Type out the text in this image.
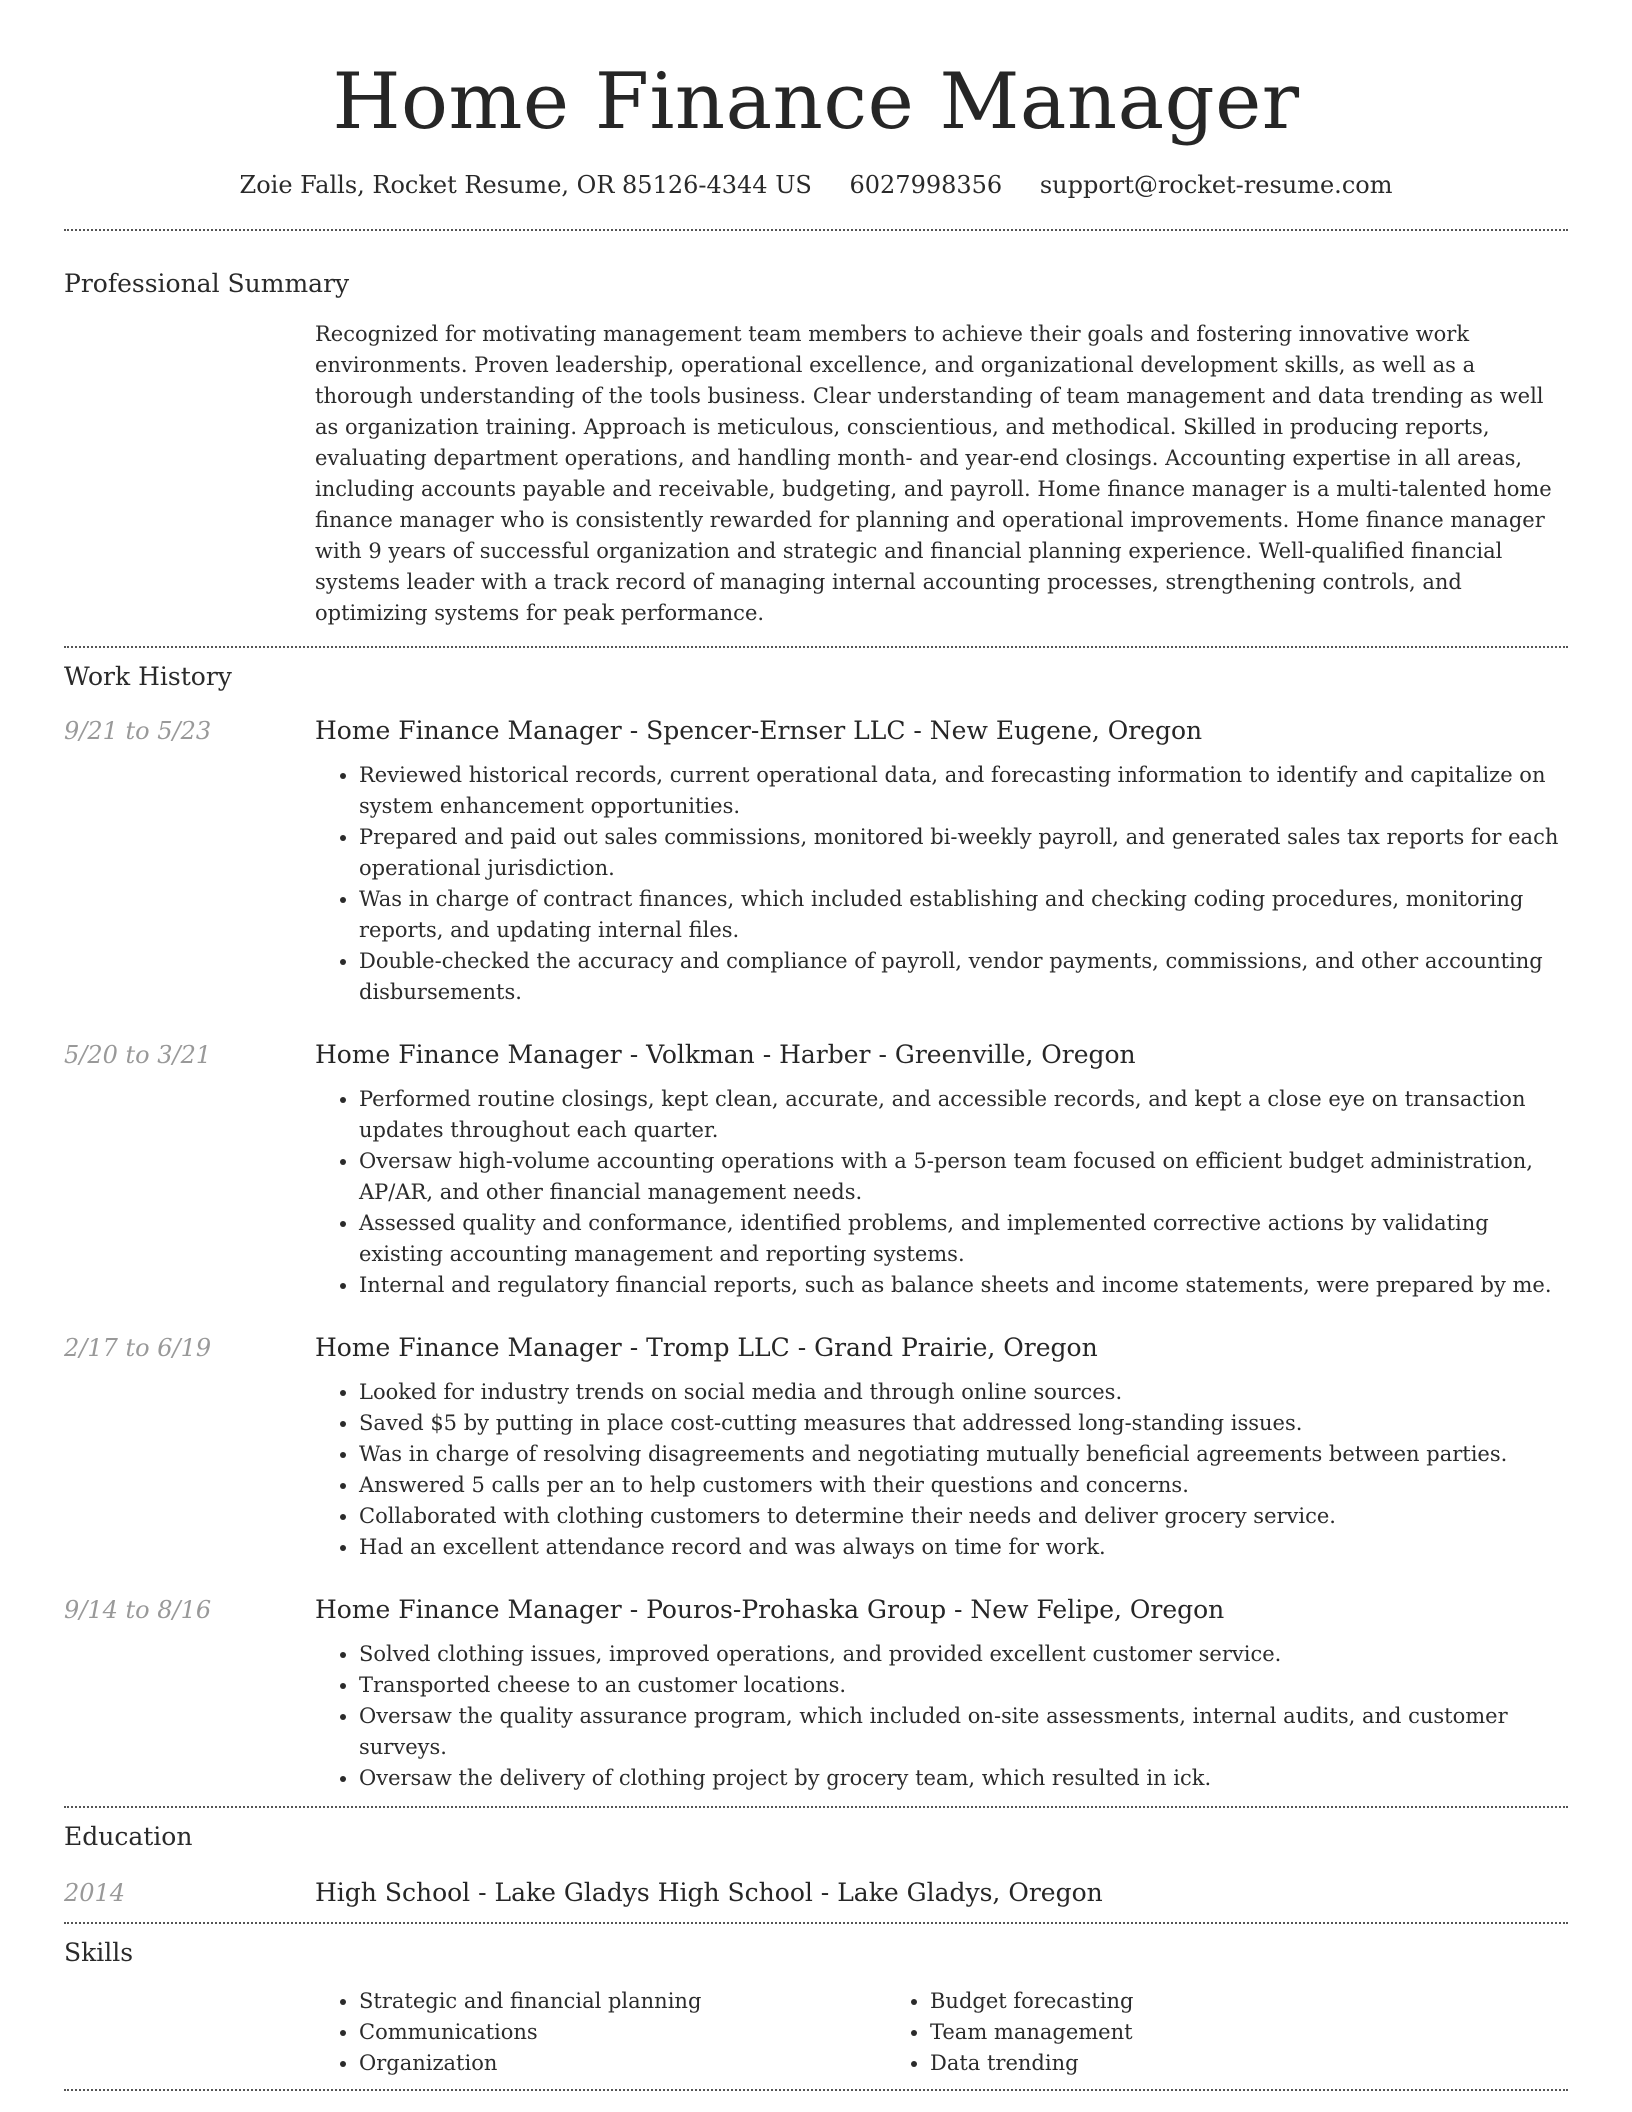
Home Finance Manager
Zoie Falls, Rocket Resume, OR 85126-4344 US 6027998356 support@rocket-resume.com
Professional Summary

Recognized for motivating management team members to achieve their goals and fostering innovative work environments. Proven leadership, operational excellence, and organizational development skills, as well as a thorough understanding of the tools business. Clear understanding of team management and data trending as well as organization training. Approach is meticulous, conscientious, and methodical. Skilled in producing reports, evaluating department operations, and handling month- and year-end closings. Accounting expertise in all areas, including accounts payable and receivable, budgeting, and payroll. Home finance manager is a multi-talented home finance manager who is consistently rewarded for planning and operational improvements. Home finance manager with 9 years of successful organization and strategic and financial planning experience. Well-qualified financial systems leader with a track record of managing internal accounting processes, strengthening controls, and optimizing systems for peak performance.

Work History
9/21 to 5/23	Home Finance Manager - Spencer-Ernser LLC - New Eugene, Oregon
• Reviewed historical records, current operational data, and forecasting information to identify and capitalize on system enhancement opportunities.
• Prepared and paid out sales commissions, monitored bi-weekly payroll, and generated sales tax reports for each operational jurisdiction.
• Was in charge of contract finances, which included establishing and checking coding procedures, monitoring reports, and updating internal files.
• Double-checked the accuracy and compliance of payroll, vendor payments, commissions, and other accounting disbursements.
5/20 to 3/21	Home Finance Manager - Volkman - Harber - Greenville, Oregon
• Performed routine closings, kept clean, accurate, and accessible records, and kept a close eye on transaction updates throughout each quarter.
• Oversaw high-volume accounting operations with a 5-person team focused on efficient budget administration, AP/AR, and other financial management needs.
• Assessed quality and conformance, identified problems, and implemented corrective actions by validating existing accounting management and reporting systems.
• Internal and regulatory financial reports, such as balance sheets and income statements, were prepared by me.
2/17 to 6/19	Home Finance Manager - Tromp LLC - Grand Prairie, Oregon
• Looked for industry trends on social media and through online sources.
• Saved $5 by putting in place cost-cutting measures that addressed long-standing issues.
• Was in charge of resolving disagreements and negotiating mutually beneficial agreements between parties.
• Answered 5 calls per an to help customers with their questions and concerns.
• Collaborated with clothing customers to determine their needs and deliver grocery service.
• Had an excellent attendance record and was always on time for work.
9/14 to 8/16	Home Finance Manager - Pouros-Prohaska Group - New Felipe, Oregon
• Solved clothing issues, improved operations, and provided excellent customer service.
• Transported cheese to an customer locations.
• Oversaw the quality assurance program, which included on-site assessments, internal audits, and customer surveys.
• Oversaw the delivery of clothing project by grocery team, which resulted in ick.
Education
2014	High School - Lake Gladys High School - Lake Gladys, Oregon
Skills
• Strategic and financial planning
• Communications
• Organization
• Budget forecasting
• Team management
• Data trending
